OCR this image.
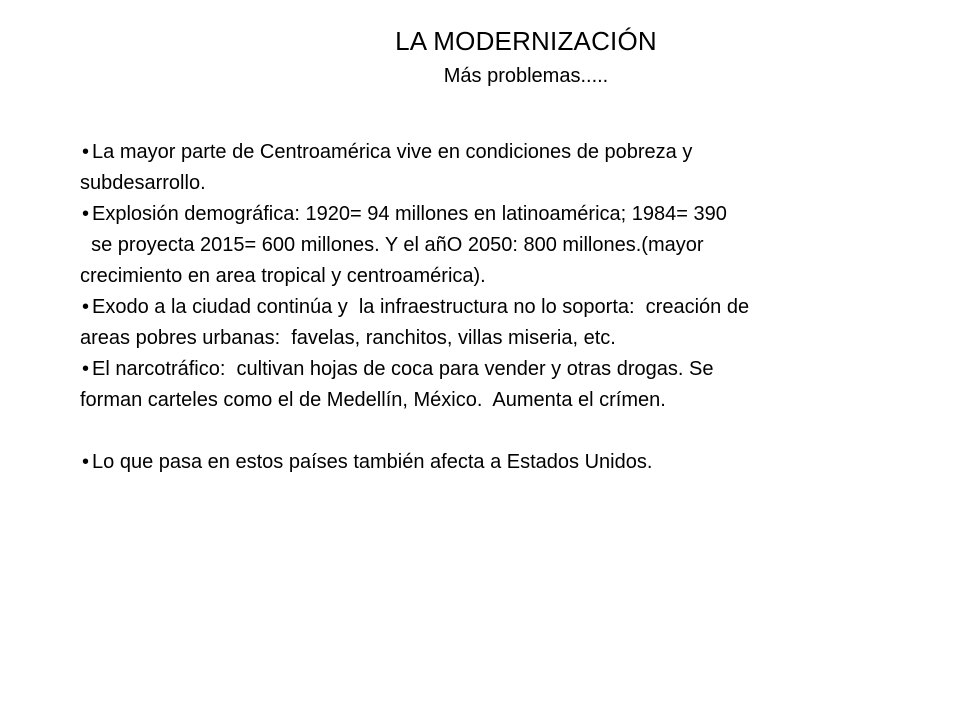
LA MODERNIZACIÓN
Más problemas.....
• La mayor parte de Centroamérica vive en condiciones de pobreza y
subdesarrollo.
• Explosión demográfica: 1920= 94 millones en latinoamérica; 1984= 390
se proyecta 2015= 600 millones. Y el añO 2050: 800 millones.(mayor
crecimiento en area tropical y centroamérica).
• Exodo a la ciudad continúa y  la infraestructura no lo soporta:  creación de
areas pobres urbanas:  favelas, ranchitos, villas miseria, etc.
• El narcotráfico:  cultivan hojas de coca para vender y otras drogas. Se
forman carteles como el de Medellín, México.  Aumenta el crímen.
• Lo que pasa en estos países también afecta a Estados Unidos.
